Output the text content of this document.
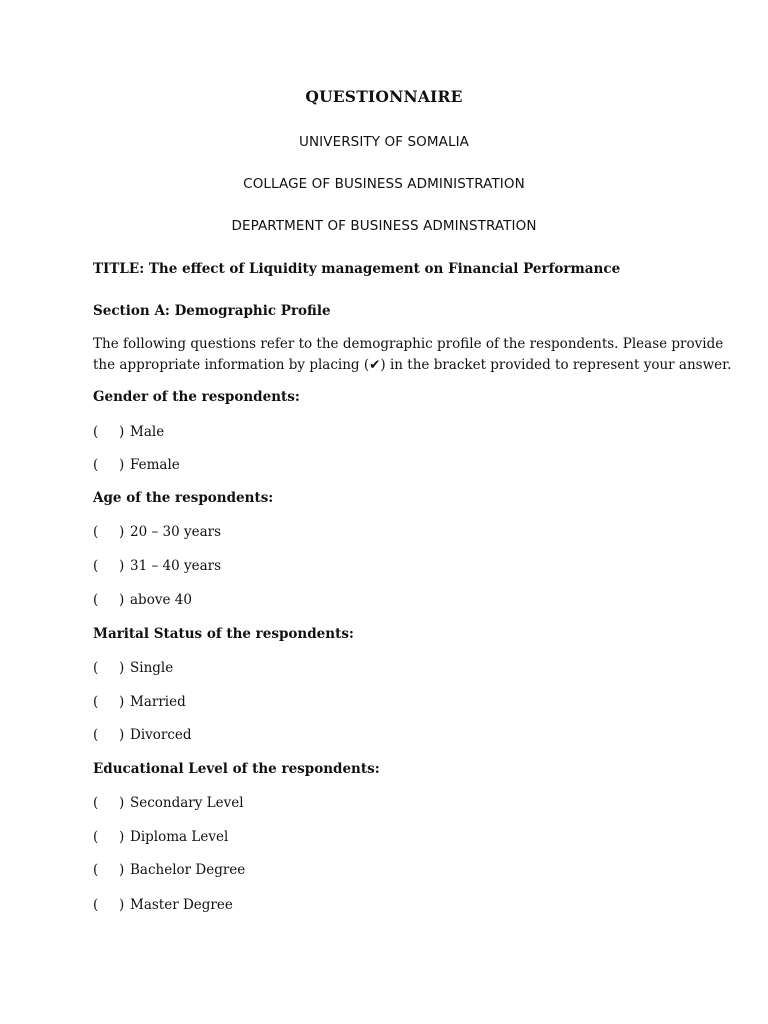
QUESTIONNAIRE
UNIVERSITY OF SOMALIA
COLLAGE OF BUSINESS ADMINISTRATION
DEPARTMENT OF BUSINESS ADMINSTRATION
TITLE: The effect of Liquidity management on Financial Performance
Section A: Demographic Profile
The following questions refer to the demographic profile of the respondents. Please provide
the appropriate information by placing (✔) in the bracket provided to represent your answer.
Gender of the respondents:
( ) Male
( ) Female
Age of the respondents:
( ) 20 – 30 years
( ) 31 – 40 years
( ) above 40
Marital Status of the respondents:
( ) Single
( ) Married
( ) Divorced
Educational Level of the respondents:
( ) Secondary Level
( ) Diploma Level
( ) Bachelor Degree
( ) Master Degree
